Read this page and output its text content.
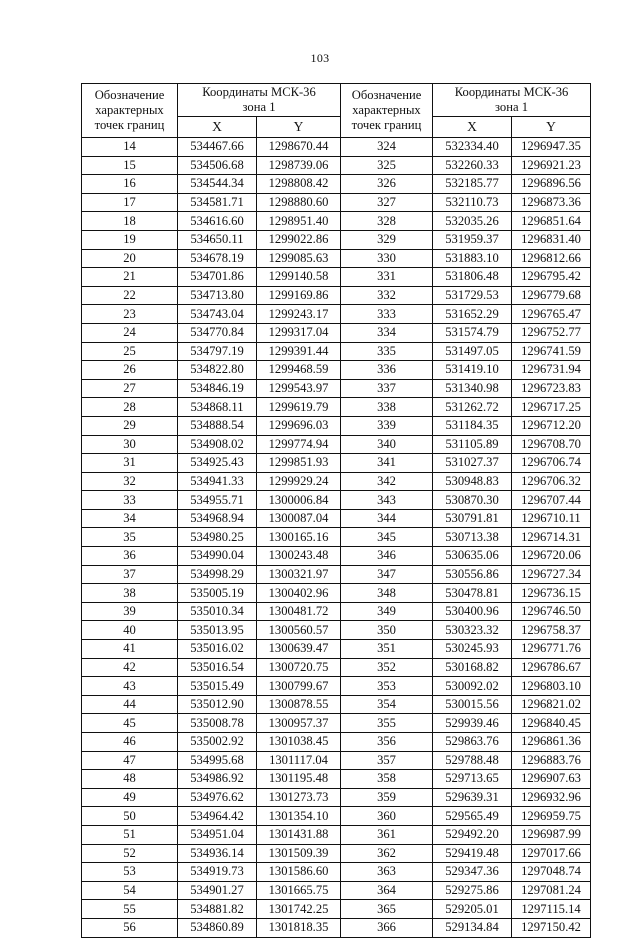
103
Обозначение
характерных
точек границ	Координаты МСК-36
зона 1		Обозначение
характерных
точек границ	Координаты МСК-36
зона 1	

	X	Y		X	Y
14	534467.66	1298670.44	324	532334.40	1296947.35
15	534506.68	1298739.06	325	532260.33	1296921.23
16	534544.34	1298808.42	326	532185.77	1296896.56
17	534581.71	1298880.60	327	532110.73	1296873.36
18	534616.60	1298951.40	328	532035.26	1296851.64
19	534650.11	1299022.86	329	531959.37	1296831.40
20	534678.19	1299085.63	330	531883.10	1296812.66
21	534701.86	1299140.58	331	531806.48	1296795.42
22	534713.80	1299169.86	332	531729.53	1296779.68
23	534743.04	1299243.17	333	531652.29	1296765.47
24	534770.84	1299317.04	334	531574.79	1296752.77
25	534797.19	1299391.44	335	531497.05	1296741.59
26	534822.80	1299468.59	336	531419.10	1296731.94
27	534846.19	1299543.97	337	531340.98	1296723.83
28	534868.11	1299619.79	338	531262.72	1296717.25
29	534888.54	1299696.03	339	531184.35	1296712.20
30	534908.02	1299774.94	340	531105.89	1296708.70
31	534925.43	1299851.93	341	531027.37	1296706.74
32	534941.33	1299929.24	342	530948.83	1296706.32
33	534955.71	1300006.84	343	530870.30	1296707.44
34	534968.94	1300087.04	344	530791.81	1296710.11
35	534980.25	1300165.16	345	530713.38	1296714.31
36	534990.04	1300243.48	346	530635.06	1296720.06
37	534998.29	1300321.97	347	530556.86	1296727.34
38	535005.19	1300402.96	348	530478.81	1296736.15
39	535010.34	1300481.72	349	530400.96	1296746.50
40	535013.95	1300560.57	350	530323.32	1296758.37
41	535016.02	1300639.47	351	530245.93	1296771.76
42	535016.54	1300720.75	352	530168.82	1296786.67
43	535015.49	1300799.67	353	530092.02	1296803.10
44	535012.90	1300878.55	354	530015.56	1296821.02
45	535008.78	1300957.37	355	529939.46	1296840.45
46	535002.92	1301038.45	356	529863.76	1296861.36
47	534995.68	1301117.04	357	529788.48	1296883.76
48	534986.92	1301195.48	358	529713.65	1296907.63
49	534976.62	1301273.73	359	529639.31	1296932.96
50	534964.42	1301354.10	360	529565.49	1296959.75
51	534951.04	1301431.88	361	529492.20	1296987.99
52	534936.14	1301509.39	362	529419.48	1297017.66
53	534919.73	1301586.60	363	529347.36	1297048.74
54	534901.27	1301665.75	364	529275.86	1297081.24
55	534881.82	1301742.25	365	529205.01	1297115.14
56	534860.89	1301818.35	366	529134.84	1297150.42
